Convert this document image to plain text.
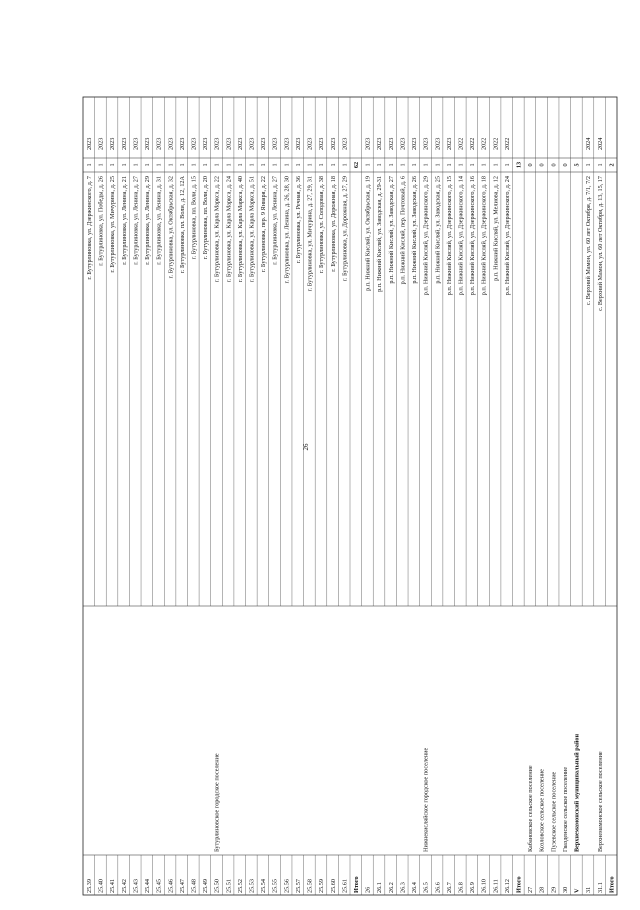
26
25.39
г. Бутурлиновка, ул. Дзержинского, д. 7
1
2023
25.40
г. Бутурлиновка, ул. Победы, д. 26
1
2023
25.41
г. Бутурлиновка, ул. Мичурина, д. 25
1
2023
25.42
г. Бутурлиновка, ул. Ленина, д. 21
1
2023
25.43
г. Бутурлиновка, ул. Ленина, д. 27
1
2023
25.44
г. Бутурлиновка, ул. Ленина, д. 29
1
2023
25.45
г. Бутурлиновка, ул. Ленина, д. 31
1
2023
25.46
г. Бутурлиновка, ул. Октябрьская, д. 32
1
2023
25.47
г. Бутурлиновка, пл. Воли, д. 12, 12А
1
2023
25.48
г. Бутурлиновка, пл. Воли, д. 15
1
2023
25.49
г. Бутурлиновка, пл. Воли, д. 20
1
2023
25.50
Бутурлиновское городское поселение
г. Бутурлиновка, ул. Карла Маркса, д. 22
1
2023
25.51
г. Бутурлиновка, ул. Карла Маркса, д. 24
1
2023
25.52
г. Бутурлиновка, ул. Карла Маркса, д. 40
1
2023
25.53
г. Бутурлиновка, ул. Карла Маркса, д. 51
1
2023
25.54
г. Бутурлиновка, пер. 9 Января, д. 22
1
2023
25.55
г. Бутурлиновка, ул. Ленина, д. 27
1
2023
25.56
г. Бутурлиновка, ул. Ленина, д. 26, 28, 30
1
2023
25.57
г. Бутурлиновка, ул. Речная, д. 36
1
2023
25.58
г. Бутурлиновка, ул. Мичурина, д. 27, 29, 31
1
2023
25.59
г. Бутурлиновка, ул. Солодовая, д. 38
1
2023
25.60
г. Бутурлиновка, ул. Дорожная, д. 18
1
2023
25.61
г. Бутурлиновка, ул. Дорожная, д. 27, 29
1
2023
Итого
62
26
р.п. Нижний Кисляй, ул. Октябрьская, д. 19
1
2023
26.1
р.п. Нижний Кисляй, ул. Заводская, д. 29-31
1
2023
26.2
р.п. Нижний Кисляй, ул. Заводская, д. 27
1
2023
26.3
р.п. Нижний Кисляй, пер. Почтовый, д. 6
1
2023
26.4
р.п. Нижний Кисляй, ул. Заводская, д. 26
1
2023
26.5
Нижнекисляйское городское поселение
р.п. Нижний Кисляй, ул. Дзержинского, д. 29
1
2023
26.6
р.п. Нижний Кисляй, ул. Заводская, д. 25
1
2023
26.7
р.п. Нижний Кисляй, ул. Дзержинского, д. 15
1
2023
26.8
р.п. Нижний Кисляй, ул. Дзержинского, д. 14
1
2022
26.9
р.п. Нижний Кисляй, ул. Дзержинского, д. 16
1
2022
26.10
р.п. Нижний Кисляй, ул. Дзержинского, д. 18
1
2022
26.11
р.п. Нижний Кисляй, ул. Мелиова, д. 12
1
2022
26.12
р.п. Нижний Кисляй, ул. Дзержинского, д. 24
1
2022
Итого
13
27
Кабановское сельское поселение
0
28
Козловское сельское поселение
0
29
Пузевское сельское поселение
0
30
Гвазденское сельское поселение
0
V
Верхнемамонский муниципальный район
5
31
с. Верхний Мамон, ул. 60 лет Октября, д. 7/1, 7/2
1
2024
31.1
Верхнемамонское сельское поселение
с. Верхний Мамон, ул. 60 лет Октября, д. 13, 15, 17
1
2024
Итого
2
